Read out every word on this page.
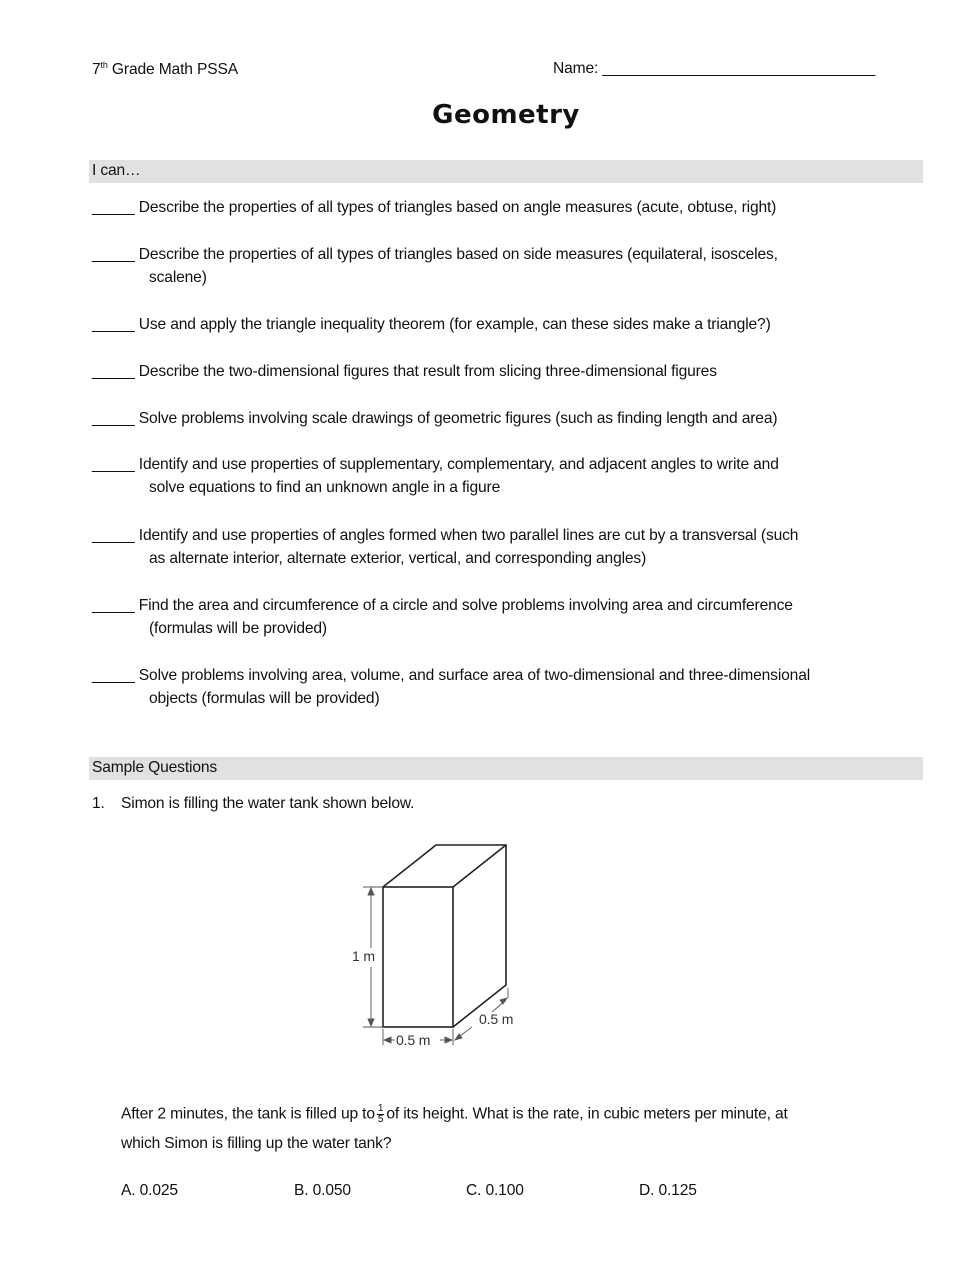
7th Grade Math PSSA	Name: ________________________________
Geometry
I can…
_____ Describe the properties of all types of triangles based on angle measures (acute, obtuse, right)
_____ Describe the properties of all types of triangles based on side measures (equilateral, isosceles,
scalene)
_____ Use and apply the triangle inequality theorem (for example, can these sides make a triangle?)
_____ Describe the two-dimensional figures that result from slicing three-dimensional figures
_____ Solve problems involving scale drawings of geometric figures (such as finding length and area)
_____ Identify and use properties of supplementary, complementary, and adjacent angles to write and
solve equations to find an unknown angle in a figure
_____ Identify and use properties of angles formed when two parallel lines are cut by a transversal (such
as alternate interior, alternate exterior, vertical, and corresponding angles)
_____ Find the area and circumference of a circle and solve problems involving area and circumference
(formulas will be provided)
_____ Solve problems involving area, volume, and surface area of two-dimensional and three-dimensional
objects (formulas will be provided)
Sample Questions
1. Simon is filling the water tank shown below.
1 m
0.5 m
0.5 m
After 2 minutes, the tank is filled up to $\frac{1}{5}$ of its height. What is the rate, in cubic meters per minute, at
which Simon is filling up the water tank?
A. 0.025	B. 0.050	C. 0.100	D. 0.125
